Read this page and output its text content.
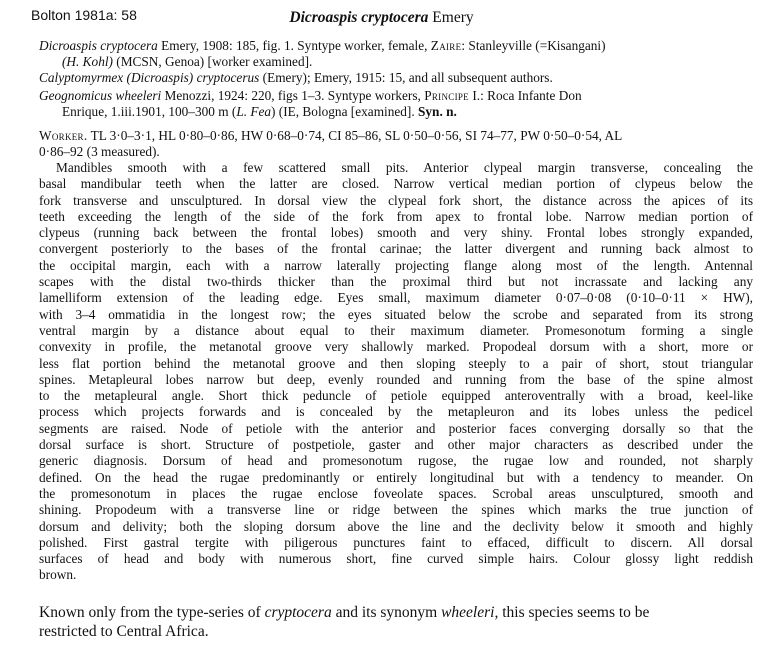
Bolton 1981a: 58	Dicroaspis cryptocera Emery
Dicroaspis cryptocera Emery, 1908: 185, fig. 1. Syntype worker, female, Zaire: Stanleyville (=Kisangani)
(H. Kohl) (MCSN, Genoa) [worker examined].
Calyptomyrmex (Dicroaspis) cryptocerus (Emery); Emery, 1915: 15, and all subsequent authors.
Geognomicus wheeleri Menozzi, 1924: 220, figs 1–3. Syntype workers, Principe I.: Roca Infante Don
Enrique, 1.iii.1901, 100–300 m (L. Fea) (IE, Bologna [examined]. Syn. n.
Worker. TL 3·0–3·1, HL 0·80–0·86, HW 0·68–0·74, CI 85–86, SL 0·50–0·56, SI 74–77, PW 0·50–0·54, AL
0·86–92 (3 measured).
Mandibles smooth with a few scattered small pits. Anterior clypeal margin transverse, concealing the
basal mandibular teeth when the latter are closed. Narrow vertical median portion of clypeus below the
fork transverse and unsculptured. In dorsal view the clypeal fork short, the distance across the apices of its
teeth exceeding the length of the side of the fork from apex to frontal lobe. Narrow median portion of
clypeus (running back between the frontal lobes) smooth and very shiny. Frontal lobes strongly expanded,
convergent posteriorly to the bases of the frontal carinae; the latter divergent and running back almost to
the occipital margin, each with a narrow laterally projecting flange along most of the length. Antennal
scapes with the distal two-thirds thicker than the proximal third but not incrassate and lacking any
lamelliform extension of the leading edge. Eyes small, maximum diameter 0·07–0·08 (0·10–0·11 × HW),
with 3–4 ommatidia in the longest row; the eyes situated below the scrobe and separated from its strong
ventral margin by a distance about equal to their maximum diameter. Promesonotum forming a single
convexity in profile, the metanotal groove very shallowly marked. Propodeal dorsum with a short, more or
less flat portion behind the metanotal groove and then sloping steeply to a pair of short, stout triangular
spines. Metapleural lobes narrow but deep, evenly rounded and running from the base of the spine almost
to the metapleural angle. Short thick peduncle of petiole equipped anteroventrally with a broad, keel-like
process which projects forwards and is concealed by the metapleuron and its lobes unless the pedicel
segments are raised. Node of petiole with the anterior and posterior faces converging dorsally so that the
dorsal surface is short. Structure of postpetiole, gaster and other major characters as described under the
generic diagnosis. Dorsum of head and promesonotum rugose, the rugae low and rounded, not sharply
defined. On the head the rugae predominantly or entirely longitudinal but with a tendency to meander. On
the promesonotum in places the rugae enclose foveolate spaces. Scrobal areas unsculptured, smooth and
shining. Propodeum with a transverse line or ridge between the spines which marks the true junction of
dorsum and delivity; both the sloping dorsum above the line and the declivity below it smooth and highly
polished. First gastral tergite with piligerous punctures faint to effaced, difficult to discern. All dorsal
surfaces of head and body with numerous short, fine curved simple hairs. Colour glossy light reddish
brown.
Known only from the type-series of cryptocera and its synonym wheeleri, this species seems to be
restricted to Central Africa.
